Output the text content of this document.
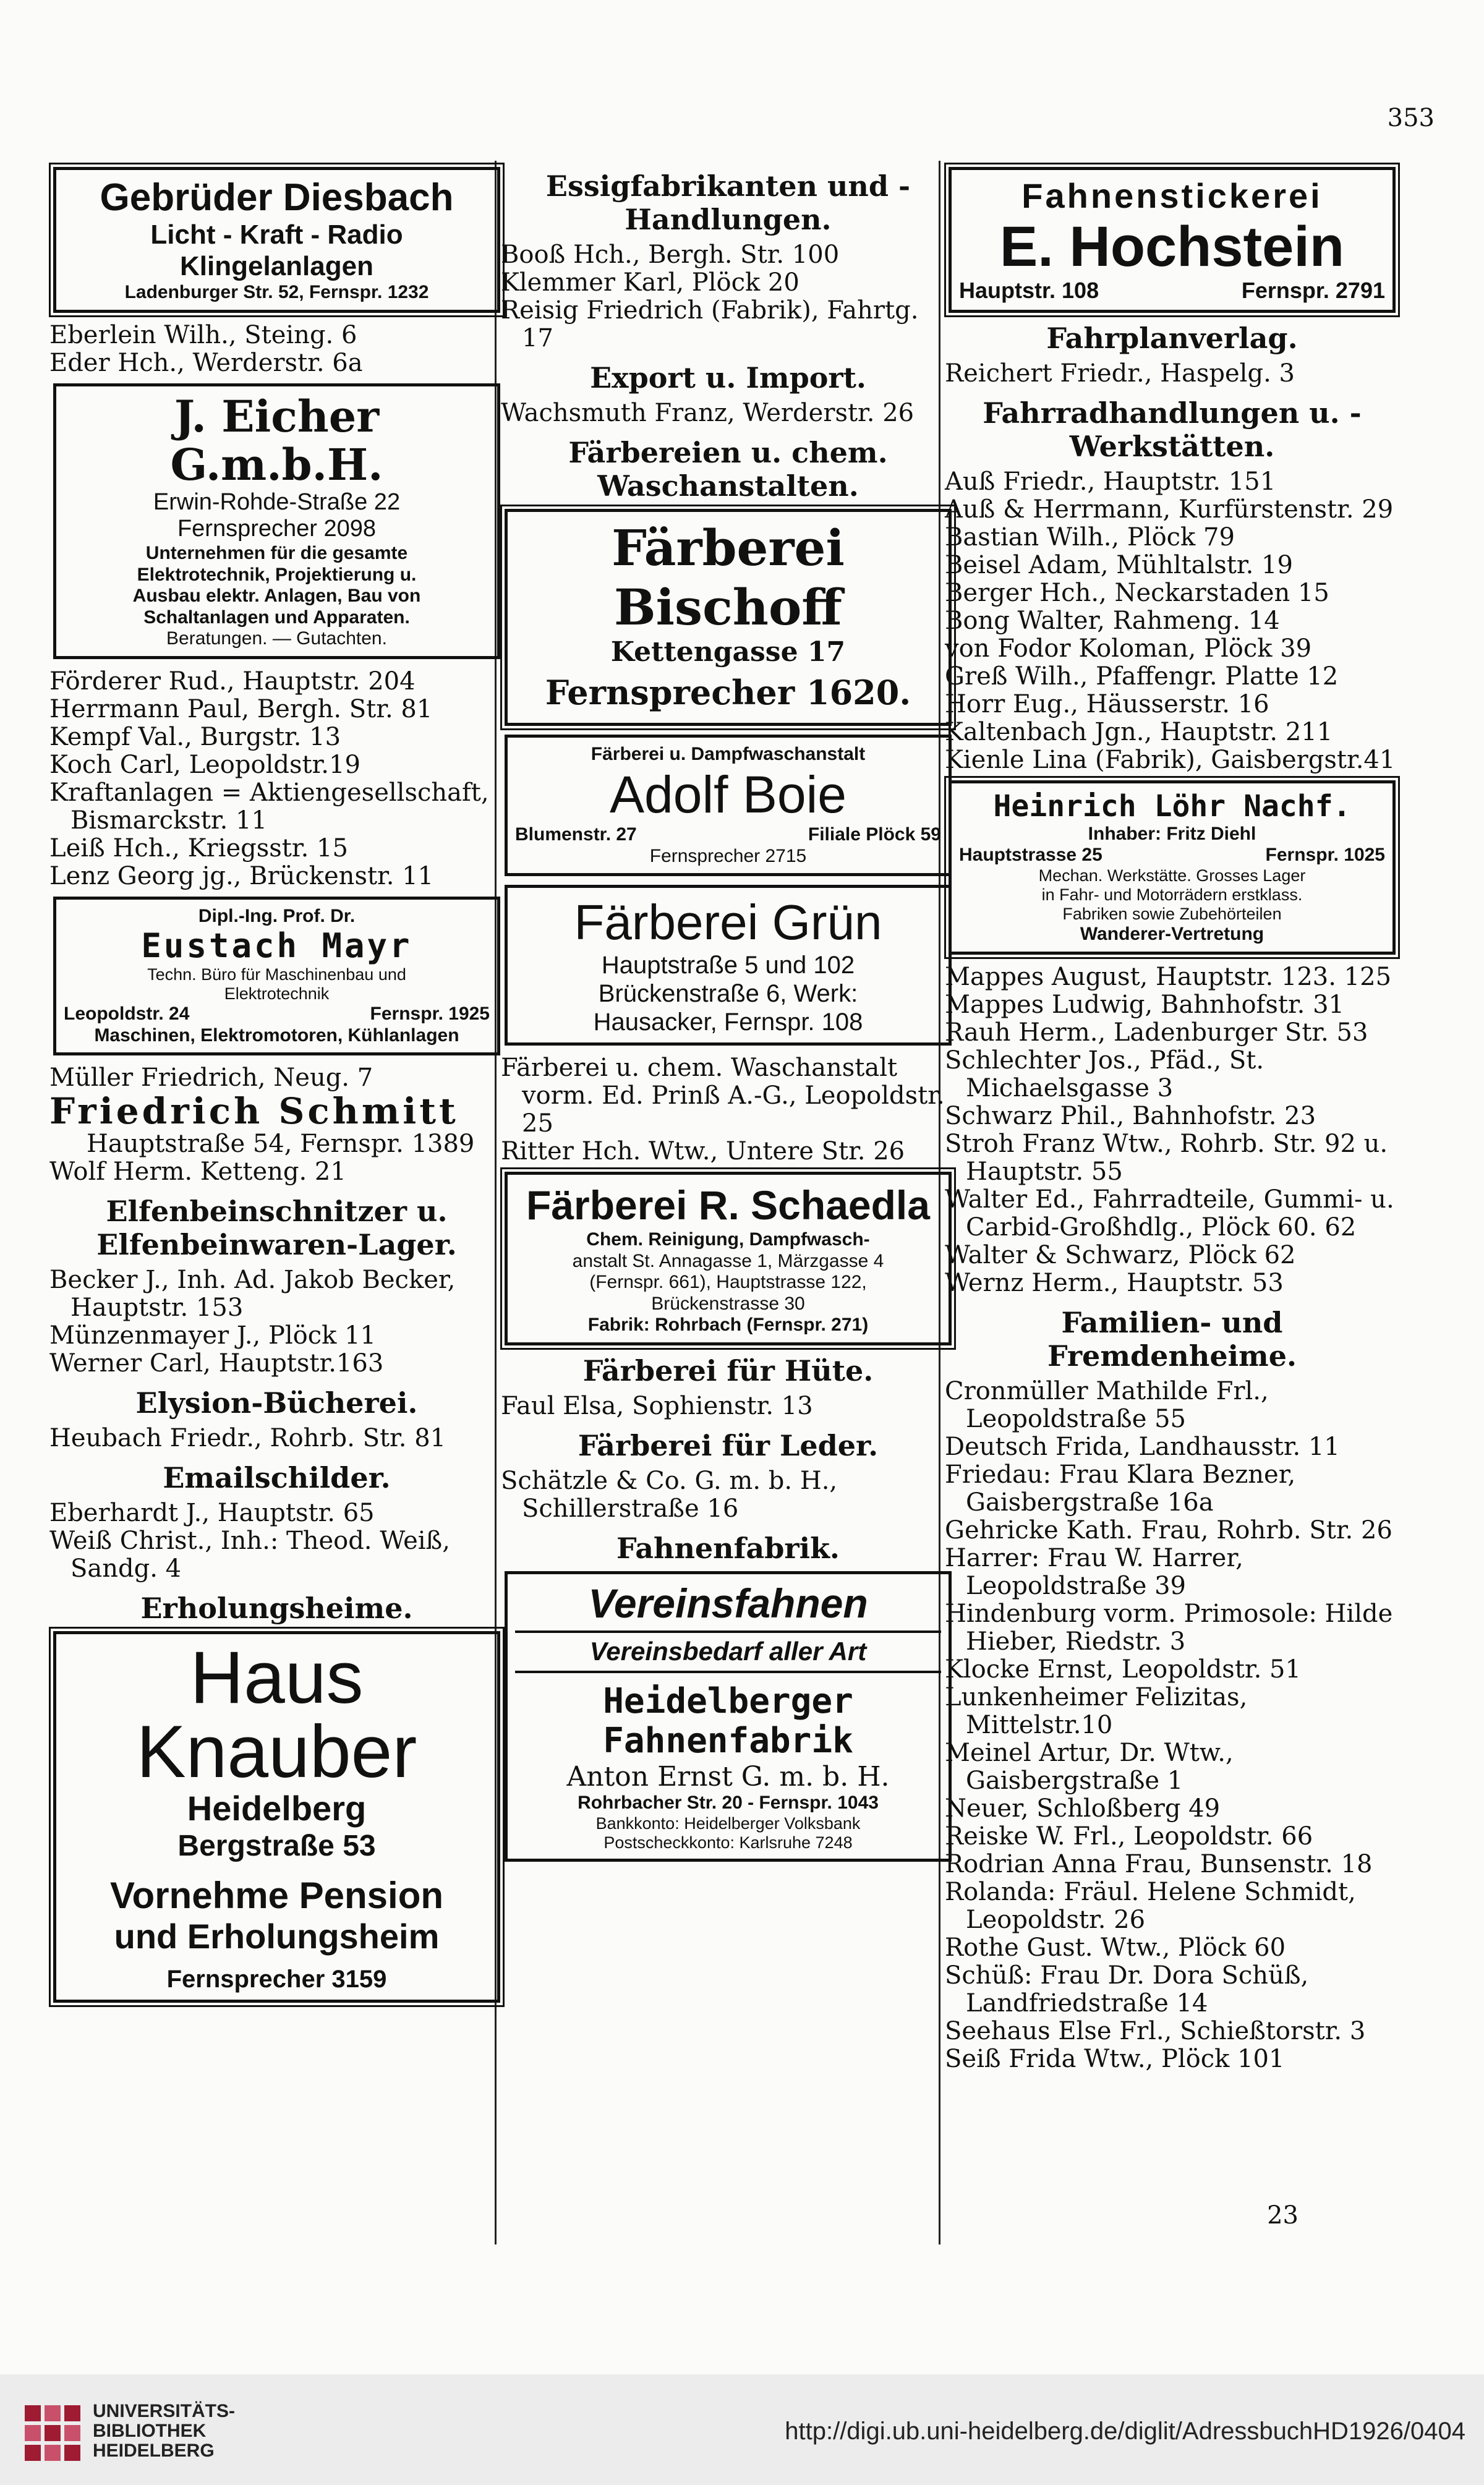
353
Gebrüder Diesbach
Licht - Kraft - Radio
Klingelanlagen
Ladenburger Str. 52, Fernspr. 1232
Eberlein Wilh., Steing. 6
Eder Hch., Werderstr. 6a
J. Eicher G.m.b.H.
Erwin-Rohde-Straße 22
Fernsprecher 2098
Unternehmen für die gesamte
Elektrotechnik, Projektierung u.
Ausbau elektr. Anlagen, Bau von
Schaltanlagen und Apparaten.
Beratungen. — Gutachten.
Förderer Rud., Hauptstr. 204
Herrmann Paul, Bergh. Str. 81
Kempf Val., Burgstr. 13
Koch Carl, Leopoldstr.19
Kraftanlagen = Aktiengesellschaft, Bismarckstr. 11
Leiß Hch., Kriegsstr. 15
Lenz Georg jg., Brückenstr. 11
Dipl.-Ing. Prof. Dr.
Eustach Mayr
Techn. Büro für Maschinenbau und
Elektrotechnik
Leopoldstr. 24	Fernspr. 1925
Maschinen, Elektromotoren, Kühlanlagen
Müller Friedrich, Neug. 7
Friedrich Schmitt
Hauptstraße 54, Fernspr. 1389
Wolf Herm. Ketteng. 21
Elfenbeinschnitzer u. Elfenbeinwaren-Lager.
Becker J., Inh. Ad. Jakob Becker, Hauptstr. 153
Münzenmayer J., Plöck 11
Werner Carl, Hauptstr.163
Elysion-Bücherei.
Heubach Friedr., Rohrb. Str. 81
Emailschilder.
Eberhardt J., Hauptstr. 65
Weiß Christ., Inh.: Theod. Weiß, Sandg. 4
Erholungsheime.
Haus
Knauber
Heidelberg
Bergstraße 53
Vornehme Pension
und Erholungsheim
Fernsprecher 3159
Essigfabrikanten und -Handlungen.
Booß Hch., Bergh. Str. 100
Klemmer Karl, Plöck 20
Reisig Friedrich (Fabrik), Fahrtg. 17
Export u. Import.
Wachsmuth Franz, Werderstr. 26
Färbereien u. chem. Waschanstalten.
Färberei Bischoff
Kettengasse 17
Fernsprecher 1620.
Färberei u. Dampfwaschanstalt
Adolf Boie
Blumenstr. 27	Filiale Plöck 59
Fernsprecher 2715
Färberei Grün
Hauptstraße 5 und 102
Brückenstraße 6, Werk:
Hausacker, Fernspr. 108
Färberei u. chem. Waschanstalt vorm. Ed. Prinß A.-G., Leopoldstr. 25
Ritter Hch. Wtw., Untere Str. 26
Färberei R. Schaedla
Chem. Reinigung, Dampfwasch-
anstalt St. Annagasse 1, Märzgasse 4
(Fernspr. 661), Hauptstrasse 122,
Brückenstrasse 30
Fabrik: Rohrbach (Fernspr. 271)
Färberei für Hüte.
Faul Elsa, Sophienstr. 13
Färberei für Leder.
Schätzle & Co. G. m. b. H., Schillerstraße 16
Fahnenfabrik.
Vereinsfahnen
Vereinsbedarf aller Art
Heidelberger
Fahnenfabrik
Anton Ernst G. m. b. H.
Rohrbacher Str. 20 - Fernspr. 1043
Bankkonto: Heidelberger Volksbank
Postscheckkonto: Karlsruhe 7248
Fahnenstickerei
E. Hochstein
Hauptstr. 108	Fernspr. 2791
Fahrplanverlag.
Reichert Friedr., Haspelg. 3
Fahrradhandlungen u. -Werkstätten.
Auß Friedr., Hauptstr. 151
Auß & Herrmann, Kurfürstenstr. 29
Bastian Wilh., Plöck 79
Beisel Adam, Mühltalstr. 19
Berger Hch., Neckarstaden 15
Bong Walter, Rahmeng. 14
von Fodor Koloman, Plöck 39
Greß Wilh., Pfaffengr. Platte 12
Horr Eug., Häusserstr. 16
Kaltenbach Jgn., Hauptstr. 211
Kienle Lina (Fabrik), Gaisbergstr.41
Heinrich Löhr Nachf.
Inhaber: Fritz Diehl
Hauptstrasse 25	Fernspr. 1025
Mechan. Werkstätte. Grosses Lager
in Fahr- und Motorrädern erstklass.
Fabriken sowie Zubehörteilen
Wanderer-Vertretung
Mappes August, Hauptstr. 123. 125
Mappes Ludwig, Bahnhofstr. 31
Rauh Herm., Ladenburger Str. 53
Schlechter Jos., Pfäd., St. Michaelsgasse 3
Schwarz Phil., Bahnhofstr. 23
Stroh Franz Wtw., Rohrb. Str. 92 u. Hauptstr. 55
Walter Ed., Fahrradteile, Gummi- u. Carbid-Großhdlg., Plöck 60. 62
Walter & Schwarz, Plöck 62
Wernz Herm., Hauptstr. 53
Familien- und Fremdenheime.
Cronmüller Mathilde Frl., Leopoldstraße 55
Deutsch Frida, Landhausstr. 11
Friedau: Frau Klara Bezner, Gaisbergstraße 16a
Gehricke Kath. Frau, Rohrb. Str. 26
Harrer: Frau W. Harrer, Leopoldstraße 39
Hindenburg vorm. Primosole: Hilde Hieber, Riedstr. 3
Klocke Ernst, Leopoldstr. 51
Lunkenheimer Felizitas, Mittelstr.10
Meinel Artur, Dr. Wtw., Gaisbergstraße 1
Neuer, Schloßberg 49
Reiske W. Frl., Leopoldstr. 66
Rodrian Anna Frau, Bunsenstr. 18
Rolanda: Fräul. Helene Schmidt, Leopoldstr. 26
Rothe Gust. Wtw., Plöck 60
Schüß: Frau Dr. Dora Schüß, Landfriedstraße 14
Seehaus Else Frl., Schießtorstr. 3
Seiß Frida Wtw., Plöck 101
23
UNIVERSITÄTS-
BIBLIOTHEK
HEIDELBERG
http://digi.ub.uni-heidelberg.de/diglit/AdressbuchHD1926/0404
